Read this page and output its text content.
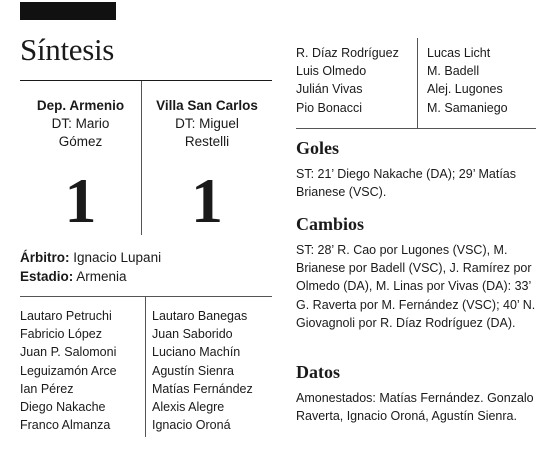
Síntesis
Dep. Armenio
DT: Mario
Gómez
1
Villa San Carlos
DT: Miguel
Restelli
1
Árbitro: Ignacio Lupani
Estadio: Armenia
Lautaro Petruchi
Fabricio López
Juan P. Salomoni
Leguizamón Arce
Ian Pérez
Diego Nakache
Franco Almanza
Lautaro Banegas
Juan Saborido
Luciano Machín
Agustín Sienra
Matías Fernández
Alexis Alegre
Ignacio Oroná
R. Díaz Rodríguez
Luis Olmedo
Julián Vivas
Pio Bonacci
Lucas Licht
M. Badell
Alej. Lugones
M. Samaniego
Goles

ST: 21’ Diego Nakache (DA); 29’ Matías Brianese (VSC).

Cambios

ST: 28’ R. Cao por Lugones (VSC), M. Brianese por Badell (VSC), J. Ramírez por Olmedo (DA), M. Linas por Vivas (DA): 33’ G. Raverta por M. Fernández (VSC); 40’ N. Giovagnoli por R. Díaz Rodríguez (DA).

Datos

Amonestados: Matías Fernández. Gonzalo Raverta, Ignacio Oroná, Agustín Sienra.
